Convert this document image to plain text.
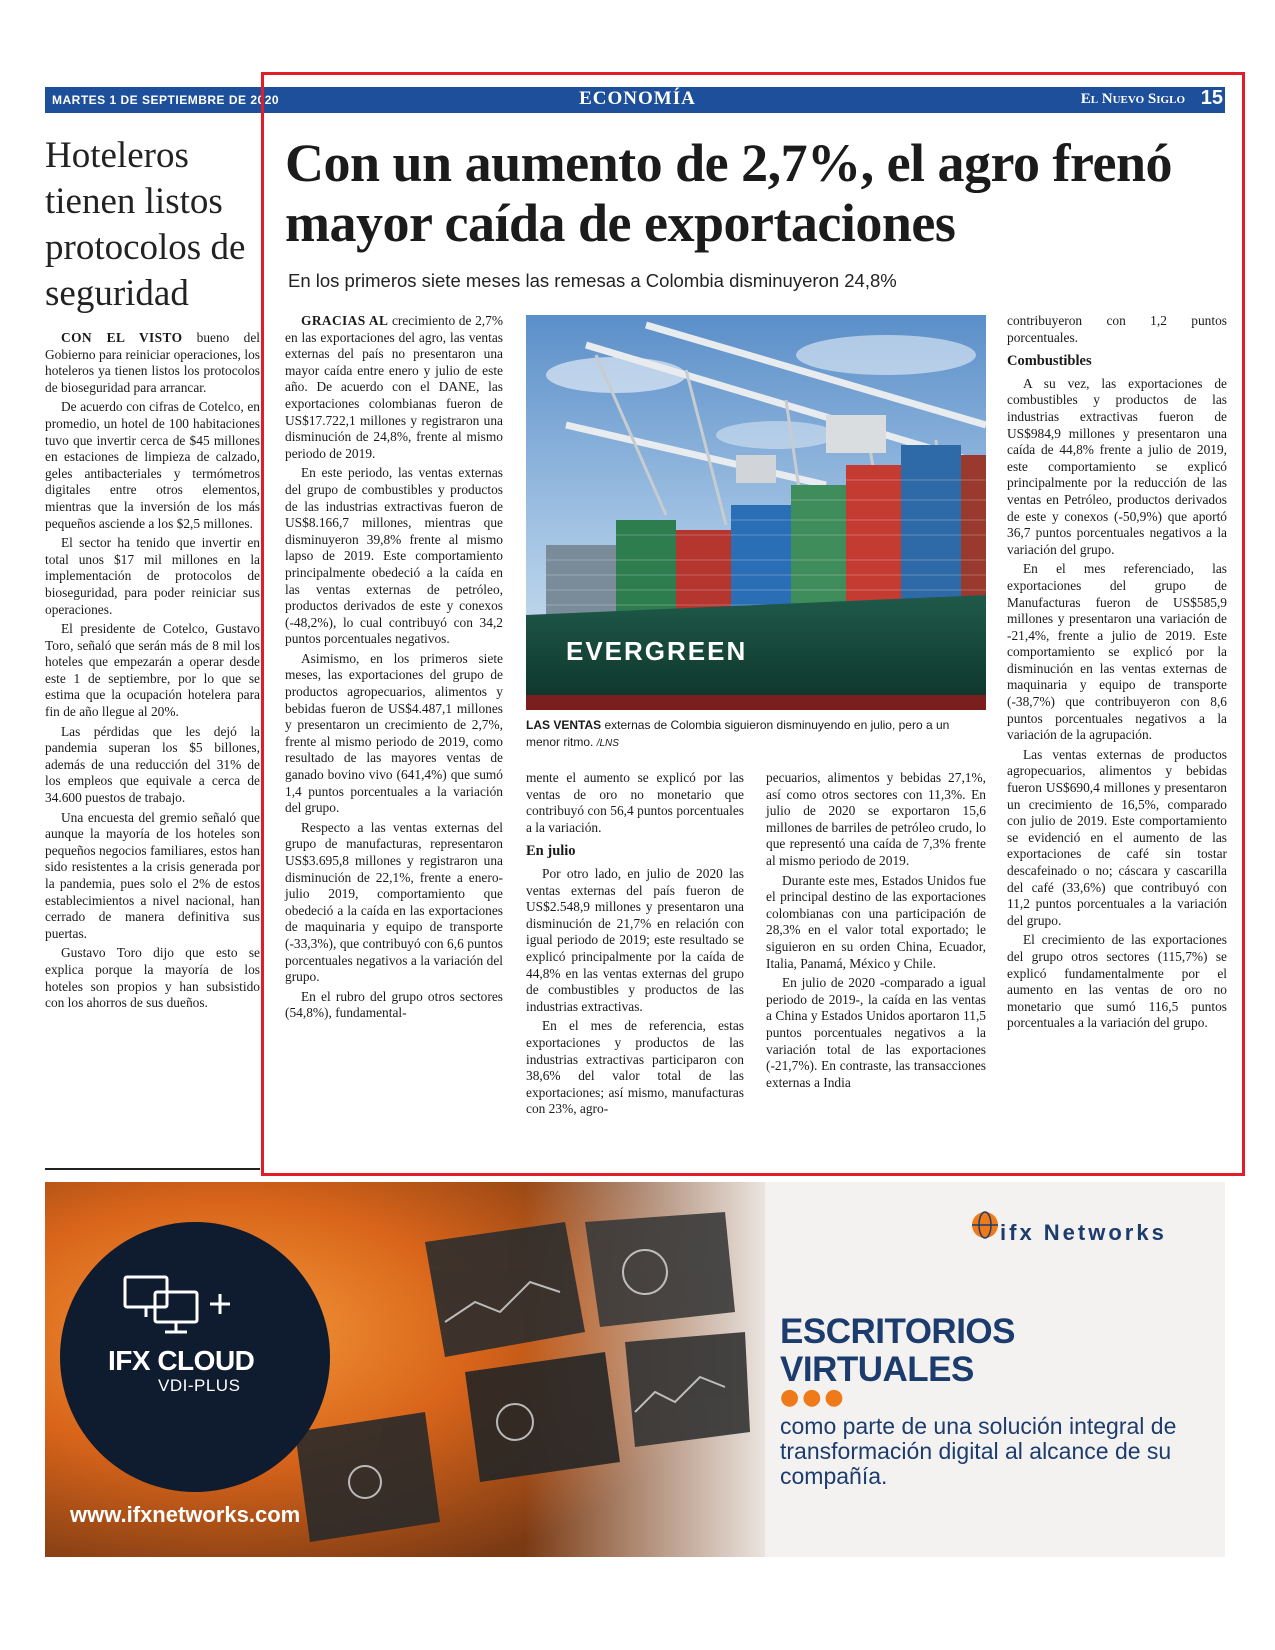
MARTES 1 DE SEPTIEMBRE DE 2020	ECONOMÍA	El Nuevo Siglo 15
Hoteleros tienen listos protocolos de seguridad

CON EL VISTO bueno del Gobierno para reiniciar operaciones, los hoteleros ya tienen listos los protocolos de bioseguridad para arrancar.

De acuerdo con cifras de Cotelco, en promedio, un hotel de 100 habitaciones tuvo que invertir cerca de $45 millones en estaciones de limpieza de calzado, geles antibacteriales y termómetros digitales entre otros elementos, mientras que la inversión de los más pequeños asciende a los $2,5 millones.

El sector ha tenido que invertir en total unos $17 mil millones en la implementación de protocolos de bioseguridad, para poder reiniciar sus operaciones.

El presidente de Cotelco, Gustavo Toro, señaló que serán más de 8 mil los hoteles que empezarán a operar desde este 1 de septiembre, por lo que se estima que la ocupación hotelera para fin de año llegue al 20%.

Las pérdidas que les dejó la pandemia superan los $5 billones, además de una reducción del 31% de los empleos que equivale a cerca de 34.600 puestos de trabajo.

Una encuesta del gremio señaló que aunque la mayoría de los hoteles son pequeños negocios familiares, estos han sido resistentes a la crisis generada por la pandemia, pues solo el 2% de estos establecimientos a nivel nacional, han cerrado de manera definitiva sus puertas.

Gustavo Toro dijo que esto se explica porque la mayoría de los hoteles son propios y han subsistido con los ahorros de sus dueños.

Con un aumento de 2,7%, el agro frenó mayor caída de exportaciones
En los primeros siete meses las remesas a Colombia disminuyeron 24,8%

GRACIAS AL crecimiento de 2,7% en las exportaciones del agro, las ventas externas del país no presentaron una mayor caída entre enero y julio de este año. De acuerdo con el DANE, las exportaciones colombianas fueron de US$17.722,1 millones y registraron una disminución de 24,8%, frente al mismo periodo de 2019.

En este periodo, las ventas externas del grupo de combustibles y productos de las industrias extractivas fueron de US$8.166,7 millones, mientras que disminuyeron 39,8% frente al mismo lapso de 2019. Este comportamiento principalmente obedeció a la caída en las ventas externas de petróleo, productos derivados de este y conexos (-48,2%), lo cual contribuyó con 34,2 puntos porcentuales negativos.

Asimismo, en los primeros siete meses, las exportaciones del grupo de productos agropecuarios, alimentos y bebidas fueron de US$4.487,1 millones y presentaron un crecimiento de 2,7%, frente al mismo periodo de 2019, como resultado de las mayores ventas de ganado bovino vivo (641,4%) que sumó 1,4 puntos porcentuales a la variación del grupo.

Respecto a las ventas externas del grupo de manufacturas, representaron US$3.695,8 millones y registraron una disminución de 22,1%, frente a enero-julio 2019, comportamiento que obedeció a la caída en las exportaciones de maquinaria y equipo de transporte (-33,3%), que contribuyó con 6,6 puntos porcentuales negativos a la variación del grupo.

En el rubro del grupo otros sectores (54,8%), fundamental-

EVERGREEN
LAS VENTAS externas de Colombia siguieron disminuyendo en julio, pero a un menor ritmo. /LNS

mente el aumento se explicó por las ventas de oro no monetario que contribuyó con 56,4 puntos porcentuales a la variación.

En julio

Por otro lado, en julio de 2020 las ventas externas del país fueron de US$2.548,9 millones y presentaron una disminución de 21,7% en relación con igual periodo de 2019; este resultado se explicó principalmente por la caída de 44,8% en las ventas externas del grupo de combustibles y productos de las industrias extractivas.

En el mes de referencia, estas exportaciones y productos de las industrias extractivas participaron con 38,6% del valor total de las exportaciones; así mismo, manufacturas con 23%, agro-

pecuarios, alimentos y bebidas 27,1%, así como otros sectores con 11,3%. En julio de 2020 se exportaron 15,6 millones de barriles de petróleo crudo, lo que representó una caída de 7,3% frente al mismo periodo de 2019.

Durante este mes, Estados Unidos fue el principal destino de las exportaciones colombianas con una participación de 28,3% en el valor total exportado; le siguieron en su orden China, Ecuador, Italia, Panamá, México y Chile.

En julio de 2020 -comparado a igual periodo de 2019-, la caída en las ventas a China y Estados Unidos aportaron 11,5 puntos porcentuales negativos a la variación total de las exportaciones (-21,7%). En contraste, las transacciones externas a India

contribuyeron con 1,2 puntos porcentuales.

Combustibles

A su vez, las exportaciones de combustibles y productos de las industrias extractivas fueron de US$984,9 millones y presentaron una caída de 44,8% frente a julio de 2019, este comportamiento se explicó principalmente por la reducción de las ventas en Petróleo, productos derivados de este y conexos (-50,9%) que aportó 36,7 puntos porcentuales negativos a la variación del grupo.

En el mes referenciado, las exportaciones del grupo de Manufacturas fueron de US$585,9 millones y presentaron una variación de -21,4%, frente a julio de 2019. Este comportamiento se explicó por la disminución en las ventas externas de maquinaria y equipo de transporte (-38,7%) que contribuyeron con 8,6 puntos porcentuales negativos a la variación de la agrupación.

Las ventas externas de productos agropecuarios, alimentos y bebidas fueron US$690,4 millones y presentaron un crecimiento de 16,5%, comparado con julio de 2019. Este comportamiento se evidenció en el aumento de las exportaciones de café sin tostar descafeinado o no; cáscara y cascarilla del café (33,6%) que contribuyó con 11,2 puntos porcentuales a la variación del grupo.

El crecimiento de las exportaciones del grupo otros sectores (115,7%) se explicó fundamentalmente por el aumento en las ventas de oro no monetario que sumó 116,5 puntos porcentuales a la variación del grupo.

ifx Networks
IFX CLOUD
VDI-PLUS
ESCRITORIOS
VIRTUALES
●●●
como parte de una solución integral de transformación digital al alcance de su compañía.
www.ifxnetworks.com
